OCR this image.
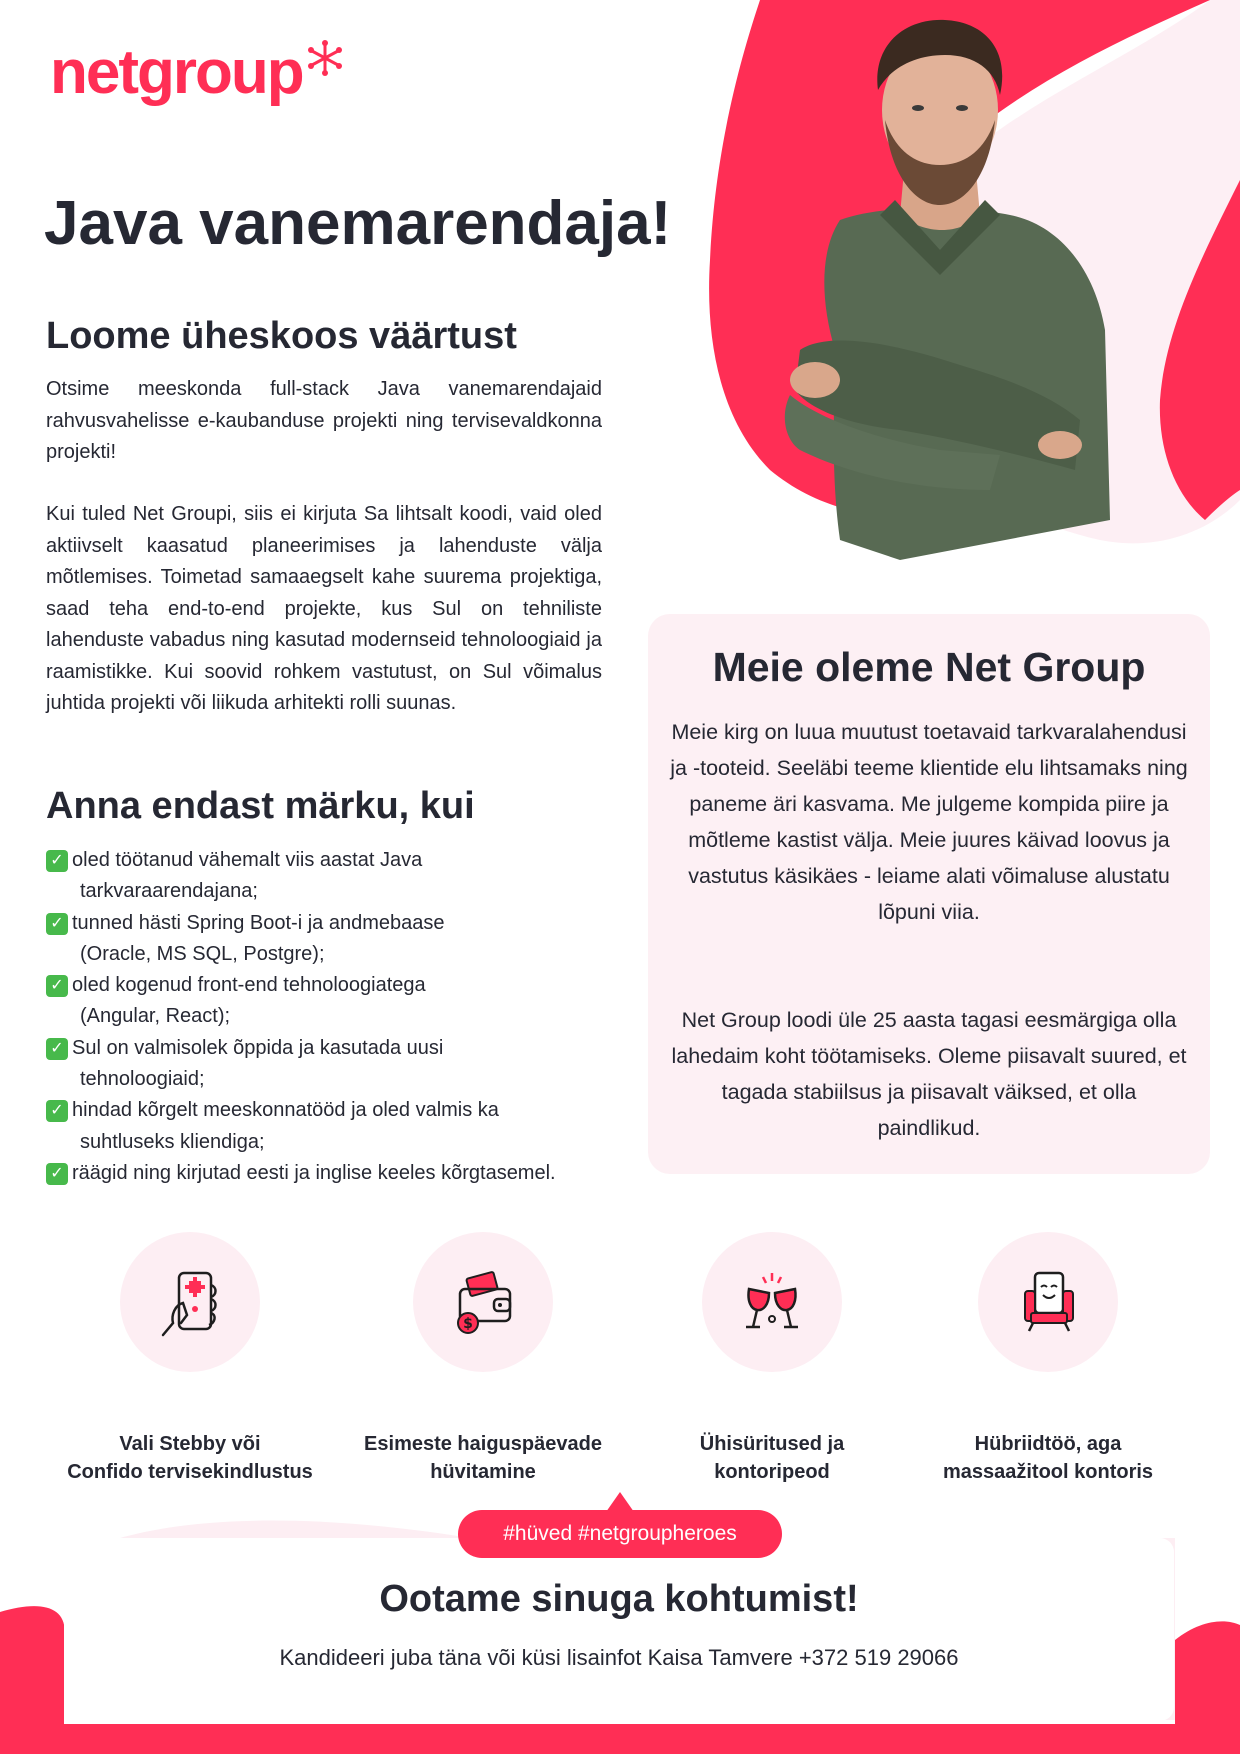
netgroup
Java vanemarendaja!
Loome üheskoos väärtust

Otsime meeskonda full-stack Java vanemarendajaid rahvusvahelisse e-kaubanduse projekti ning tervisevaldkonna projekti!

Kui tuled Net Groupi, siis ei kirjuta Sa lihtsalt koodi, vaid oled aktiivselt kaasatud planeerimises ja lahenduste välja mõtlemises. Toimetad samaaegselt kahe suurema projektiga, saad teha end-to-end projekte, kus Sul on tehniliste lahenduste vabadus ning kasutad modernseid tehnoloogiaid ja raamistikke. Kui soovid rohkem vastutust, on Sul võimalus juhtida projekti või liikuda arhitekti rolli suunas.

Anna endast märku, kui
✓ oled töötanud vähemalt viis aastat Java
tarkvaraarendajana;
✓ tunned hästi Spring Boot-i ja andmebaase
(Oracle, MS SQL, Postgre);
✓ oled kogenud front-end tehnoloogiatega
(Angular, React);
✓ Sul on valmisolek õppida ja kasutada uusi
tehnoloogiaid;
✓ hindad kõrgelt meeskonnatööd ja oled valmis ka
suhtluseks kliendiga;
✓ räägid ning kirjutad eesti ja inglise keeles kõrgtasemel.
Meie oleme Net Group

Meie kirg on luua muutust toetavaid tarkvaralahendusi ja -tooteid. Seeläbi teeme klientide elu lihtsamaks ning paneme äri kasvama. Me julgeme kompida piire ja mõtleme kastist välja. Meie juures käivad loovus ja vastutus käsikäes - leiame alati võimaluse alustatu lõpuni viia.

Net Group loodi üle 25 aasta tagasi eesmärgiga olla lahedaim koht töötamiseks. Oleme piisavalt suured, et tagada stabiilsus ja piisavalt väiksed, et olla paindlikud.

Vali Stebby või
Confido tervisekindlustus
$
Esimeste haiguspäevade
hüvitamine
Ühisüritused ja
kontoripeod
Hübriidtöö, aga
massaažitool kontoris
#hüved #netgroupheroes
Ootame sinuga kohtumist!

Kandideeri juba täna või küsi lisainfot Kaisa Tamvere +372 519 29066
